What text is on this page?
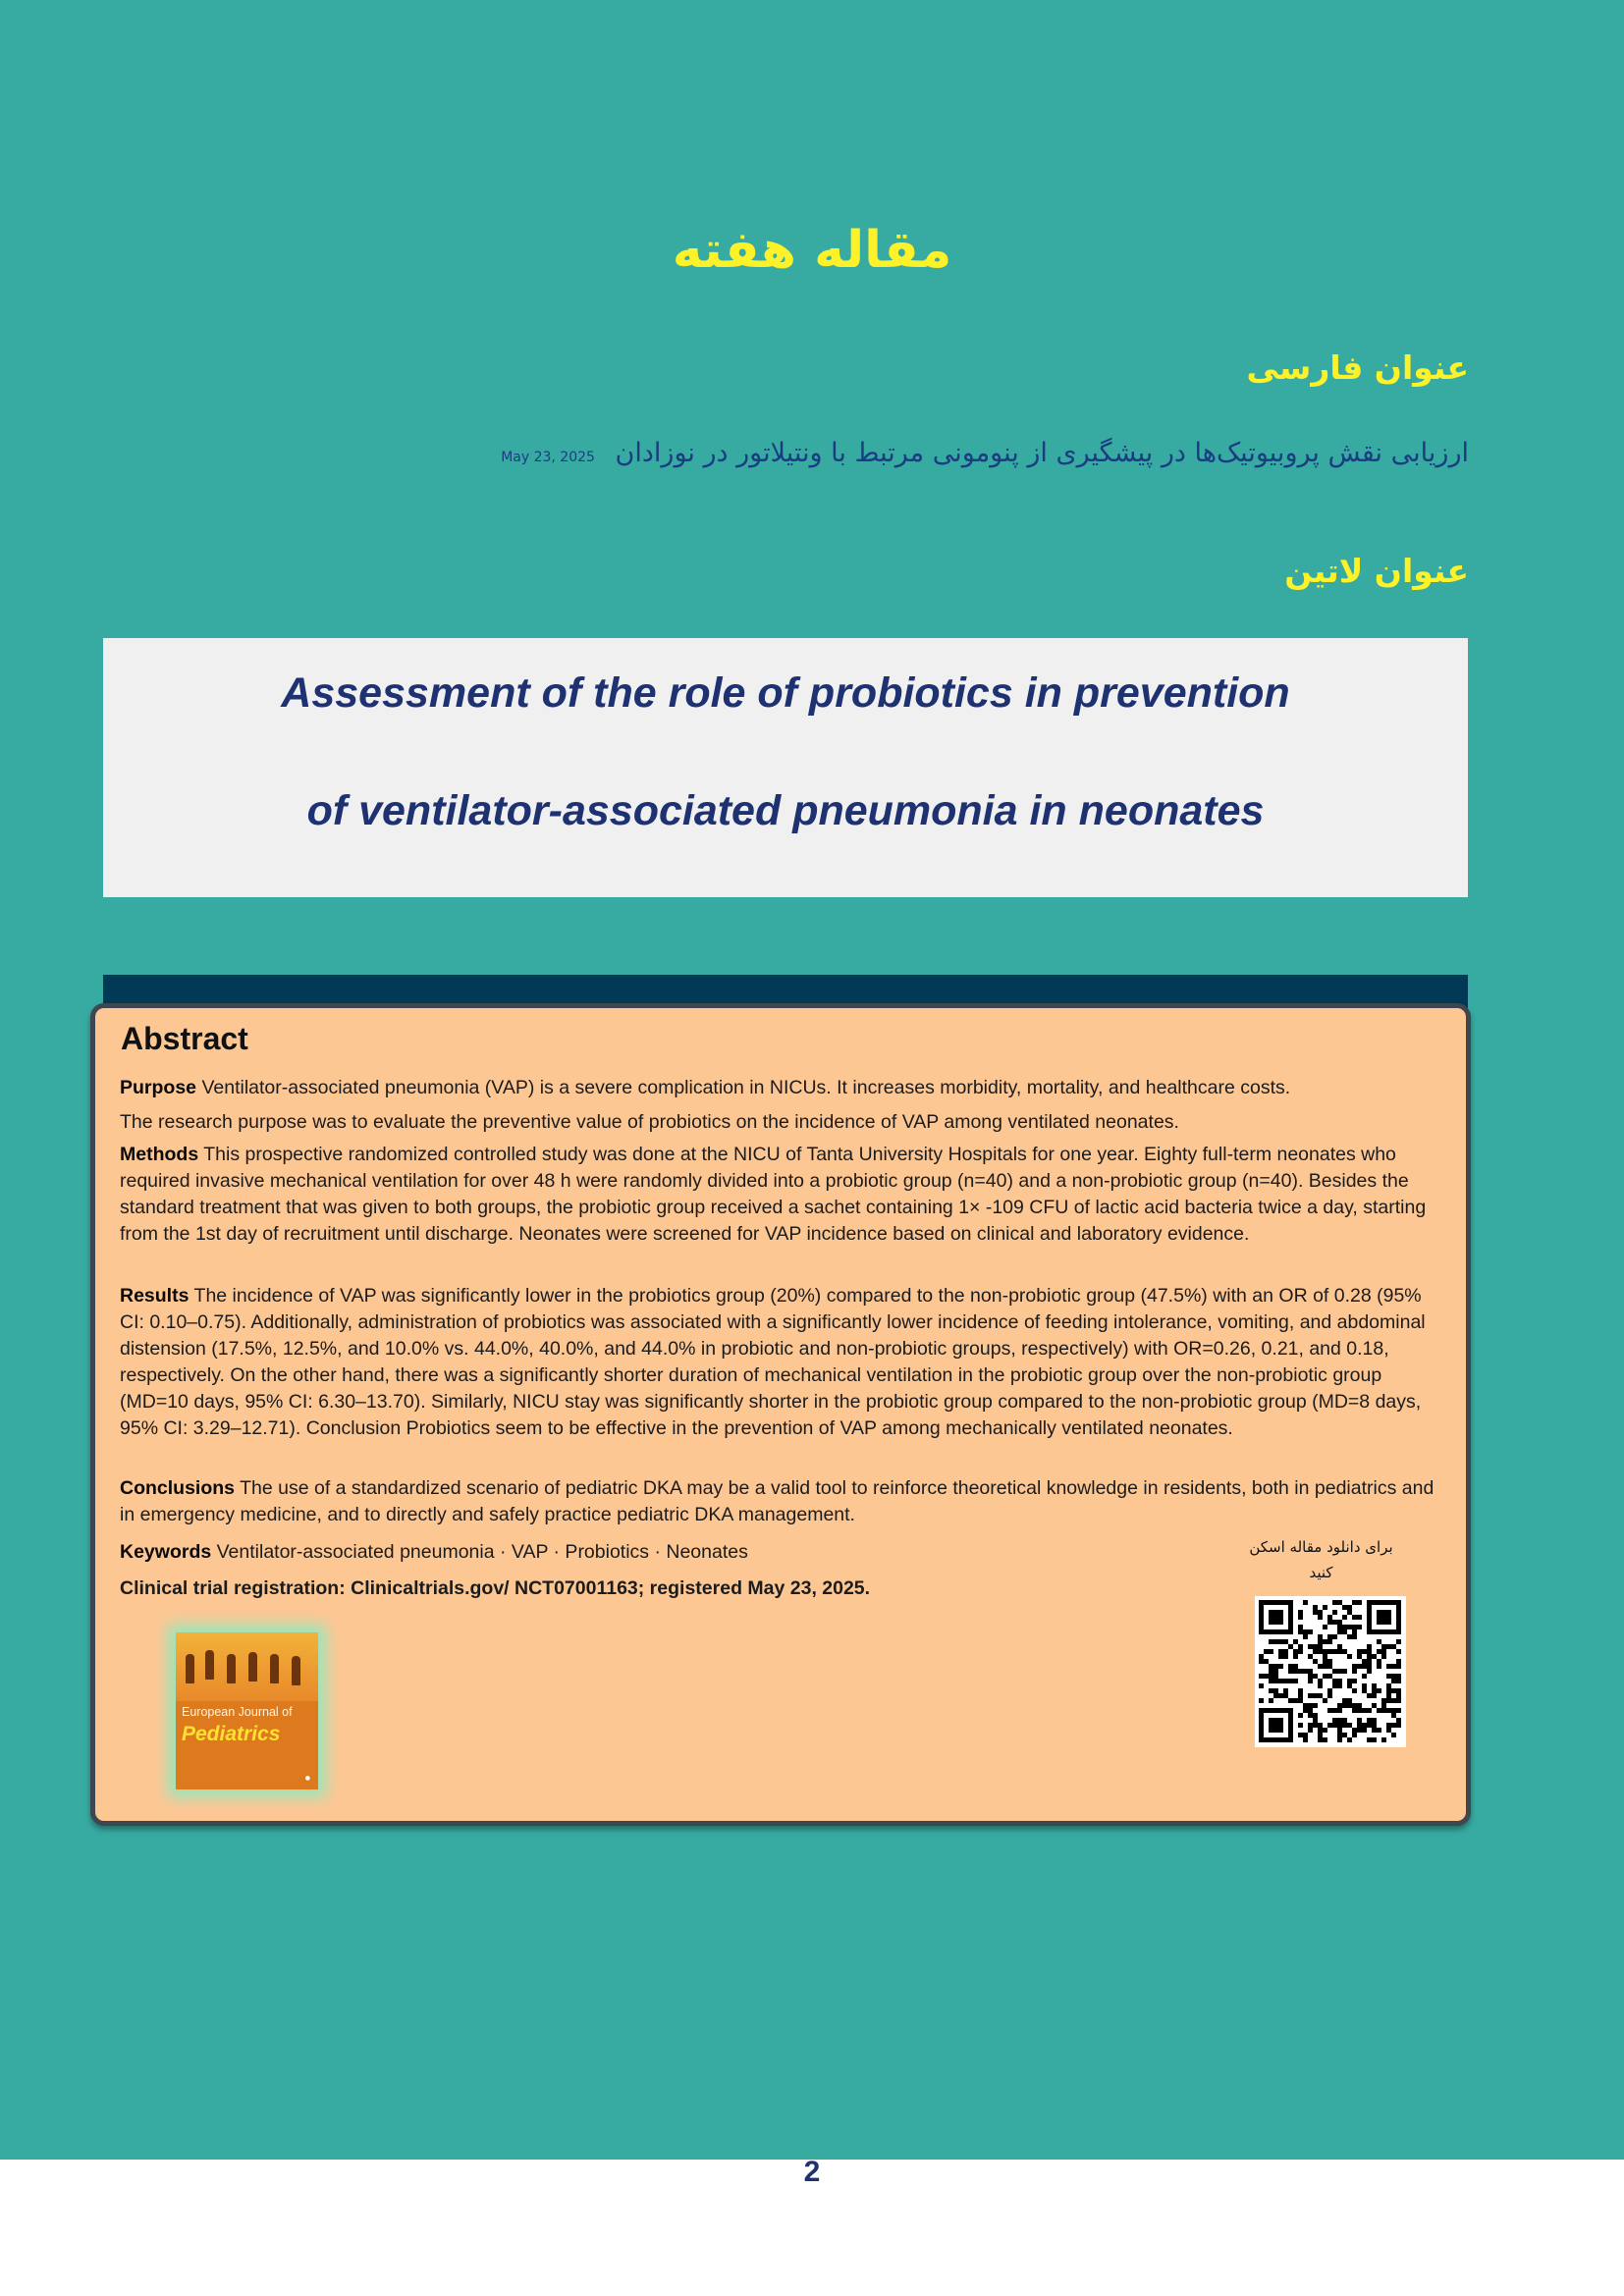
مقاله هفته
عنوان فارسی
ارزیابی نقش پروبیوتیک‌ها در پیشگیری از پنومونی مرتبط با ونتیلاتور در نوزادان May 23, 2025
عنوان لاتین
Assessment of the role of probiotics in prevention
of ventilator-associated pneumonia in neonates
Abstract
Purpose Ventilator-associated pneumonia (VAP) is a severe complication in NICUs. It increases morbidity, mortality, and healthcare costs. The research purpose was to evaluate the preventive value of probiotics on the incidence of VAP among ventilated neonates.
Methods This prospective randomized controlled study was done at the NICU of Tanta University Hospitals for one year. Eighty full-term neonates who required invasive mechanical ventilation for over 48 h were randomly divided into a probiotic group (n=40) and a non-probiotic group (n=40). Besides the standard treatment that was given to both groups, the probiotic group received a sachet containing 1× -109 CFU of lactic acid bacteria twice a day, starting from the 1st day of recruitment until discharge. Neonates were screened for VAP incidence based on clinical and laboratory evidence.
Results The incidence of VAP was significantly lower in the probiotics group (20%) compared to the non-probiotic group (47.5%) with an OR of 0.28 (95% CI: 0.10–0.75). Additionally, administration of probiotics was associated with a significantly lower incidence of feeding intolerance, vomiting, and abdominal distension (17.5%, 12.5%, and 10.0% vs. 44.0%, 40.0%, and 44.0% in probiotic and non-probiotic groups, respectively) with OR=0.26, 0.21, and 0.18, respectively. On the other hand, there was a significantly shorter duration of mechanical ventilation in the probiotic group over the non-probiotic group (MD=10 days, 95% CI: 6.30–13.70). Similarly, NICU stay was significantly shorter in the probiotic group compared to the non-probiotic group (MD=8 days, 95% CI: 3.29–12.71). Conclusion Probiotics seem to be effective in the prevention of VAP among mechanically ventilated neonates.
Conclusions The use of a standardized scenario of pediatric DKA may be a valid tool to reinforce theoretical knowledge in residents, both in pediatrics and in emergency medicine, and to directly and safely practice pediatric DKA management.
Keywords Ventilator-associated pneumonia · VAP · Probiotics · Neonates
Clinical trial registration: Clinicaltrials.gov/ NCT07001163; registered May 23, 2025.
European Journal of
Pediatrics
●
برای دانلود مقاله اسکن کنید
2
